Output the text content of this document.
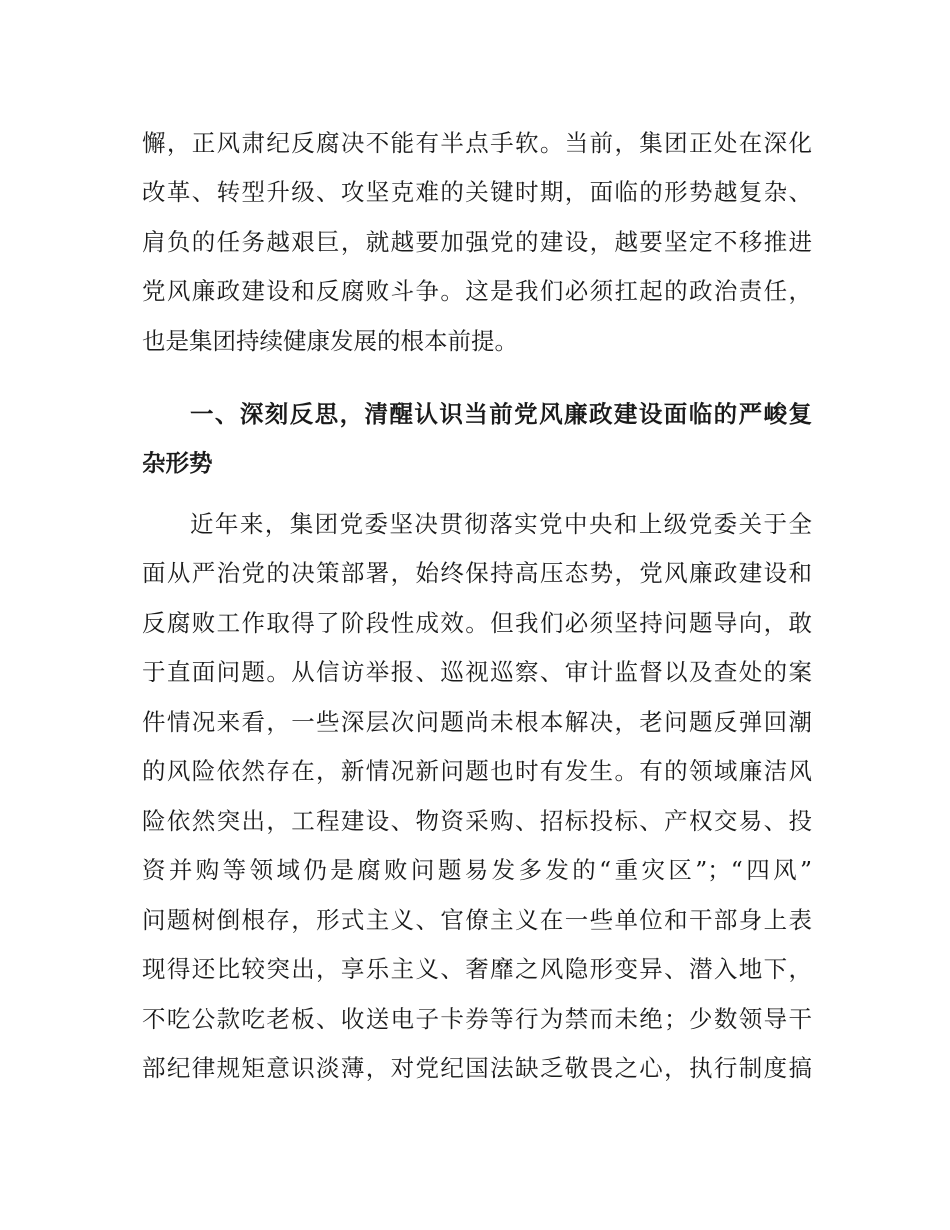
懈，正风肃纪反腐决不能有半点手软。当前，集团正处在深化
改革、转型升级、攻坚克难的关键时期，面临的形势越复杂、
肩负的任务越艰巨，就越要加强党的建设，越要坚定不移推进
党风廉政建设和反腐败斗争。这是我们必须扛起的政治责任，
也是集团持续健康发展的根本前提。
一、深刻反思，清醒认识当前党风廉政建设面临的严峻复
杂形势
近年来，集团党委坚决贯彻落实党中央和上级党委关于全
面从严治党的决策部署，始终保持高压态势，党风廉政建设和
反腐败工作取得了阶段性成效。但我们必须坚持问题导向，敢
于直面问题。从信访举报、巡视巡察、审计监督以及查处的案
件情况来看，一些深层次问题尚未根本解决，老问题反弹回潮
的风险依然存在，新情况新问题也时有发生。有的领域廉洁风
险依然突出，工程建设、物资采购、招标投标、产权交易、投
资并购等领域仍是腐败问题易发多发的“重灾区”；“四风”
问题树倒根存，形式主义、官僚主义在一些单位和干部身上表
现得还比较突出，享乐主义、奢靡之风隐形变异、潜入地下，
不吃公款吃老板、收送电子卡券等行为禁而未绝；少数领导干
部纪律规矩意识淡薄，对党纪国法缺乏敬畏之心，执行制度搞
